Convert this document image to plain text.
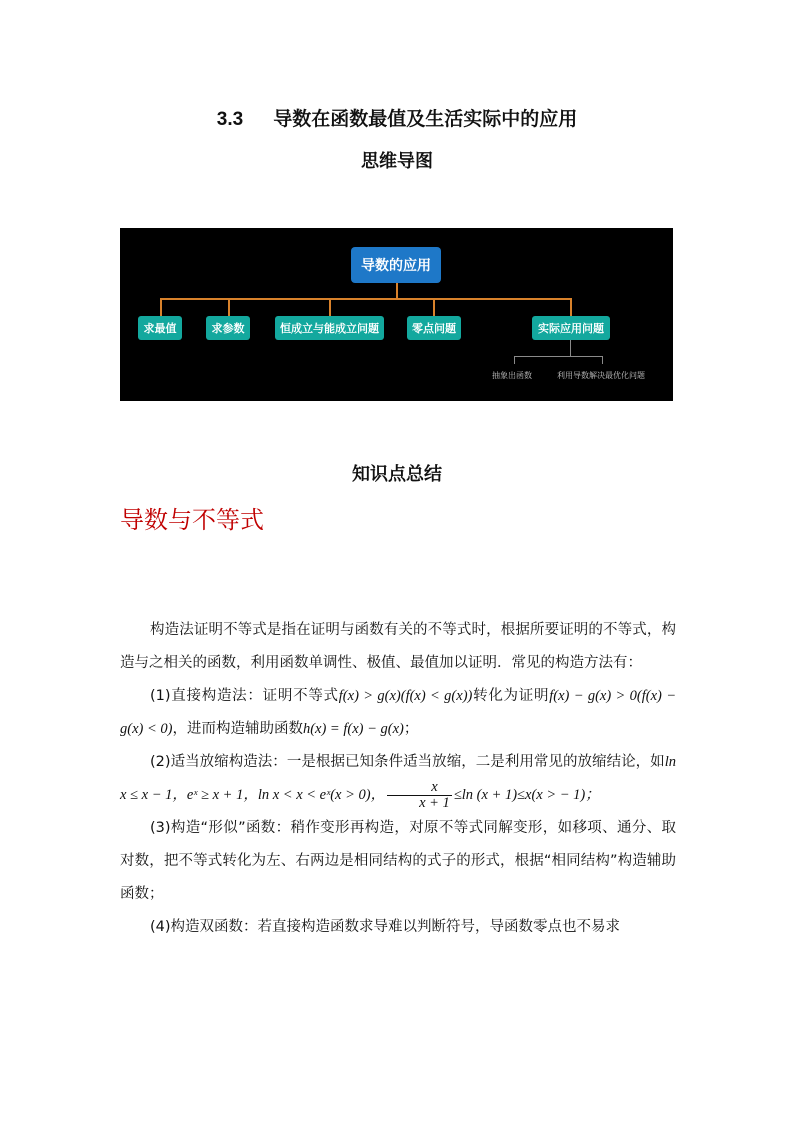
3.3 导数在函数最值及生活实际中的应用
思维导图
导数的应用
求最值	求参数	恒成立与能成立问题	零点问题	实际应用问题
抽象出函数	利用导数解决最优化问题
知识点总结
导数与不等式

构造法证明不等式是指在证明与函数有关的不等式时，根据所要证明的不等式，构造与之相关的函数，利用函数单调性、极值、最值加以证明．常见的构造方法有：

(1)直接构造法：证明不等式f(x) > g(x)(f(x) < g(x))转化为证明f(x) − g(x) > 0(f(x) − g(x) < 0)，进而构造辅助函数h(x) = f(x) − g(x)；

(2)适当放缩构造法：一是根据已知条件适当放缩，二是利用常见的放缩结论，如ln x ≤ x − 1，eˣ ≥ x + 1，ln x < x < eˣ(x > 0)， $\frac{x}{x + 1} \le\ln$ (x + 1)≤x(x > − 1)；

(3)构造“形似”函数：稍作变形再构造，对原不等式同解变形，如移项、通分、取对数，把不等式转化为左、右两边是相同结构的式子的形式，根据“相同结构”构造辅助函数；

(4)构造双函数：若直接构造函数求导难以判断符号，导函数零点也不易求
